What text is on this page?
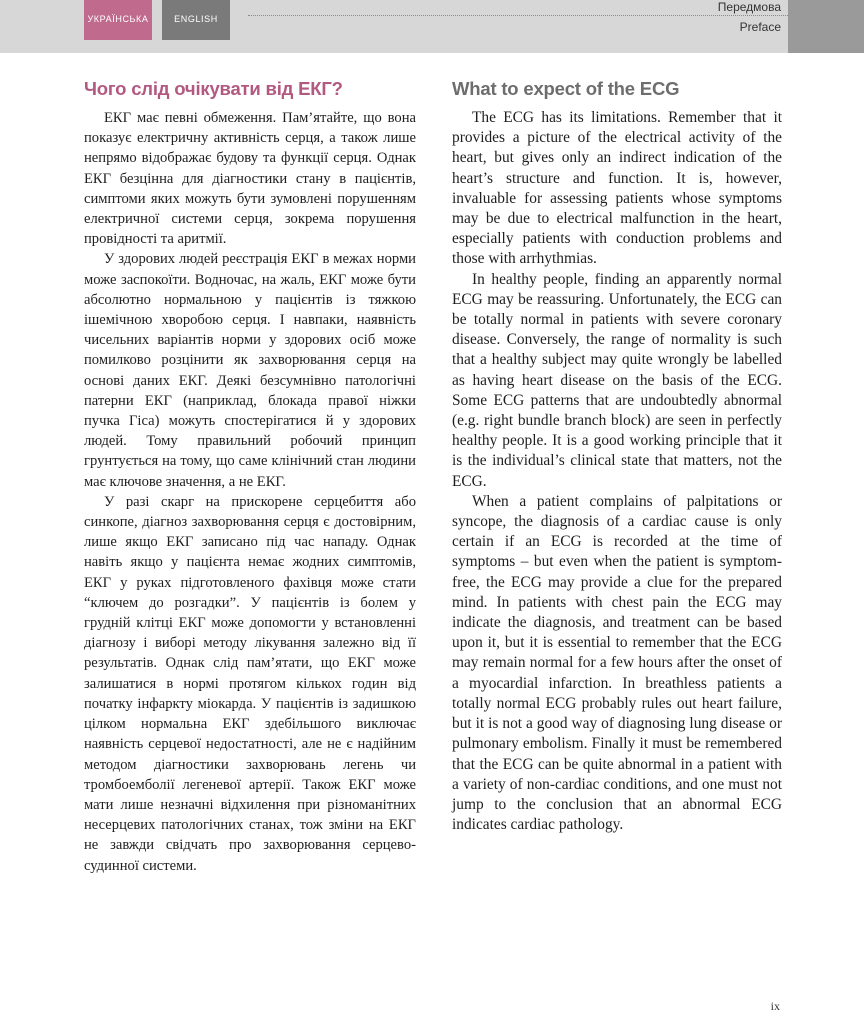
УКРАЇНСЬКА	ENGLISH
Передмова
Preface
Чого слід очікувати від ЕКГ?

ЕКГ має певні обмеження. Пам’ятайте, що вона показує електричну активність серця, а також лише непрямо відображає будову та функції серця. Однак ЕКГ безцінна для діагностики стану в пацієнтів, симптоми яких можуть бути зумовлені порушенням електричної системи серця, зокрема порушення провідності та аритмії.

У здорових людей реєстрація ЕКГ в межах норми може заспокоїти. Водночас, на жаль, ЕКГ може бути абсолютно нормальною у пацієнтів із тяжкою ішемічною хворобою серця. І навпаки, наявність чисельних варіантів норми у здорових осіб може помилково розцінити як захворювання серця на основі даних ЕКГ. Деякі безсумнівно патологічні патерни ЕКГ (наприклад, блокада правої ніжки пучка Гіса) можуть спостерігатися й у здорових людей. Тому правильний робочий принцип грунтується на тому, що саме клінічний стан людини має ключове значення, а не ЕКГ.

У разі скарг на прискорене серцебиття або синкопе, діагноз захворювання серця є достовірним, лише якщо ЕКГ записано під час нападу. Однак навіть якщо у пацієнта немає жодних симптомів, ЕКГ у руках підготовленого фахівця може стати “ключем до розгадки”. У пацієнтів із болем у грудній клітці ЕКГ може допомогти у встановленні діагнозу і виборі методу лікування залежно від її результатів. Однак слід пам’ятати, що ЕКГ може залишатися в нормі протягом кількох годин від початку інфаркту міокарда. У пацієнтів із задишкою цілком нормальна ЕКГ здебільшого виключає наявність серцевої недостатності, але не є надійним методом діагностики захворювань легень чи тромбоемболії легеневої артерії. Також ЕКГ може мати лише незначні відхилення при різноманітних несерцевих патологічних станах, тож зміни на ЕКГ не завжди свідчать про захворювання серцево-судинної системи.

What to expect of the ECG

The ECG has its limitations. Remember that it provides a picture of the electrical activity of the heart, but gives only an indirect indication of the heart’s structure and function. It is, however, invaluable for assessing patients whose symptoms may be due to electrical malfunction in the heart, especially patients with conduction problems and those with arrhythmias.

In healthy people, finding an apparently normal ECG may be reassuring. Unfortunately, the ECG can be totally normal in patients with severe coronary disease. Conversely, the range of normality is such that a healthy subject may quite wrongly be labelled as having heart disease on the basis of the ECG. Some ECG patterns that are undoubtedly abnormal (e.g. right bundle branch block) are seen in perfectly healthy people. It is a good working principle that it is the individual’s clinical state that matters, not the ECG.

When a patient complains of palpitations or syncope, the diagnosis of a cardiac cause is only certain if an ECG is recorded at the time of symptoms – but even when the patient is symptom-free, the ECG may provide a clue for the prepared mind. In patients with chest pain the ECG may indicate the diagnosis, and treatment can be based upon it, but it is essential to remember that the ECG may remain normal for a few hours after the onset of a myocardial infarction. In breathless patients a totally normal ECG probably rules out heart failure, but it is not a good way of diagnosing lung disease or pulmonary embolism. Finally it must be remembered that the ECG can be quite abnormal in a patient with a variety of non-cardiac conditions, and one must not jump to the conclusion that an abnormal ECG indicates cardiac pathology.

ix
